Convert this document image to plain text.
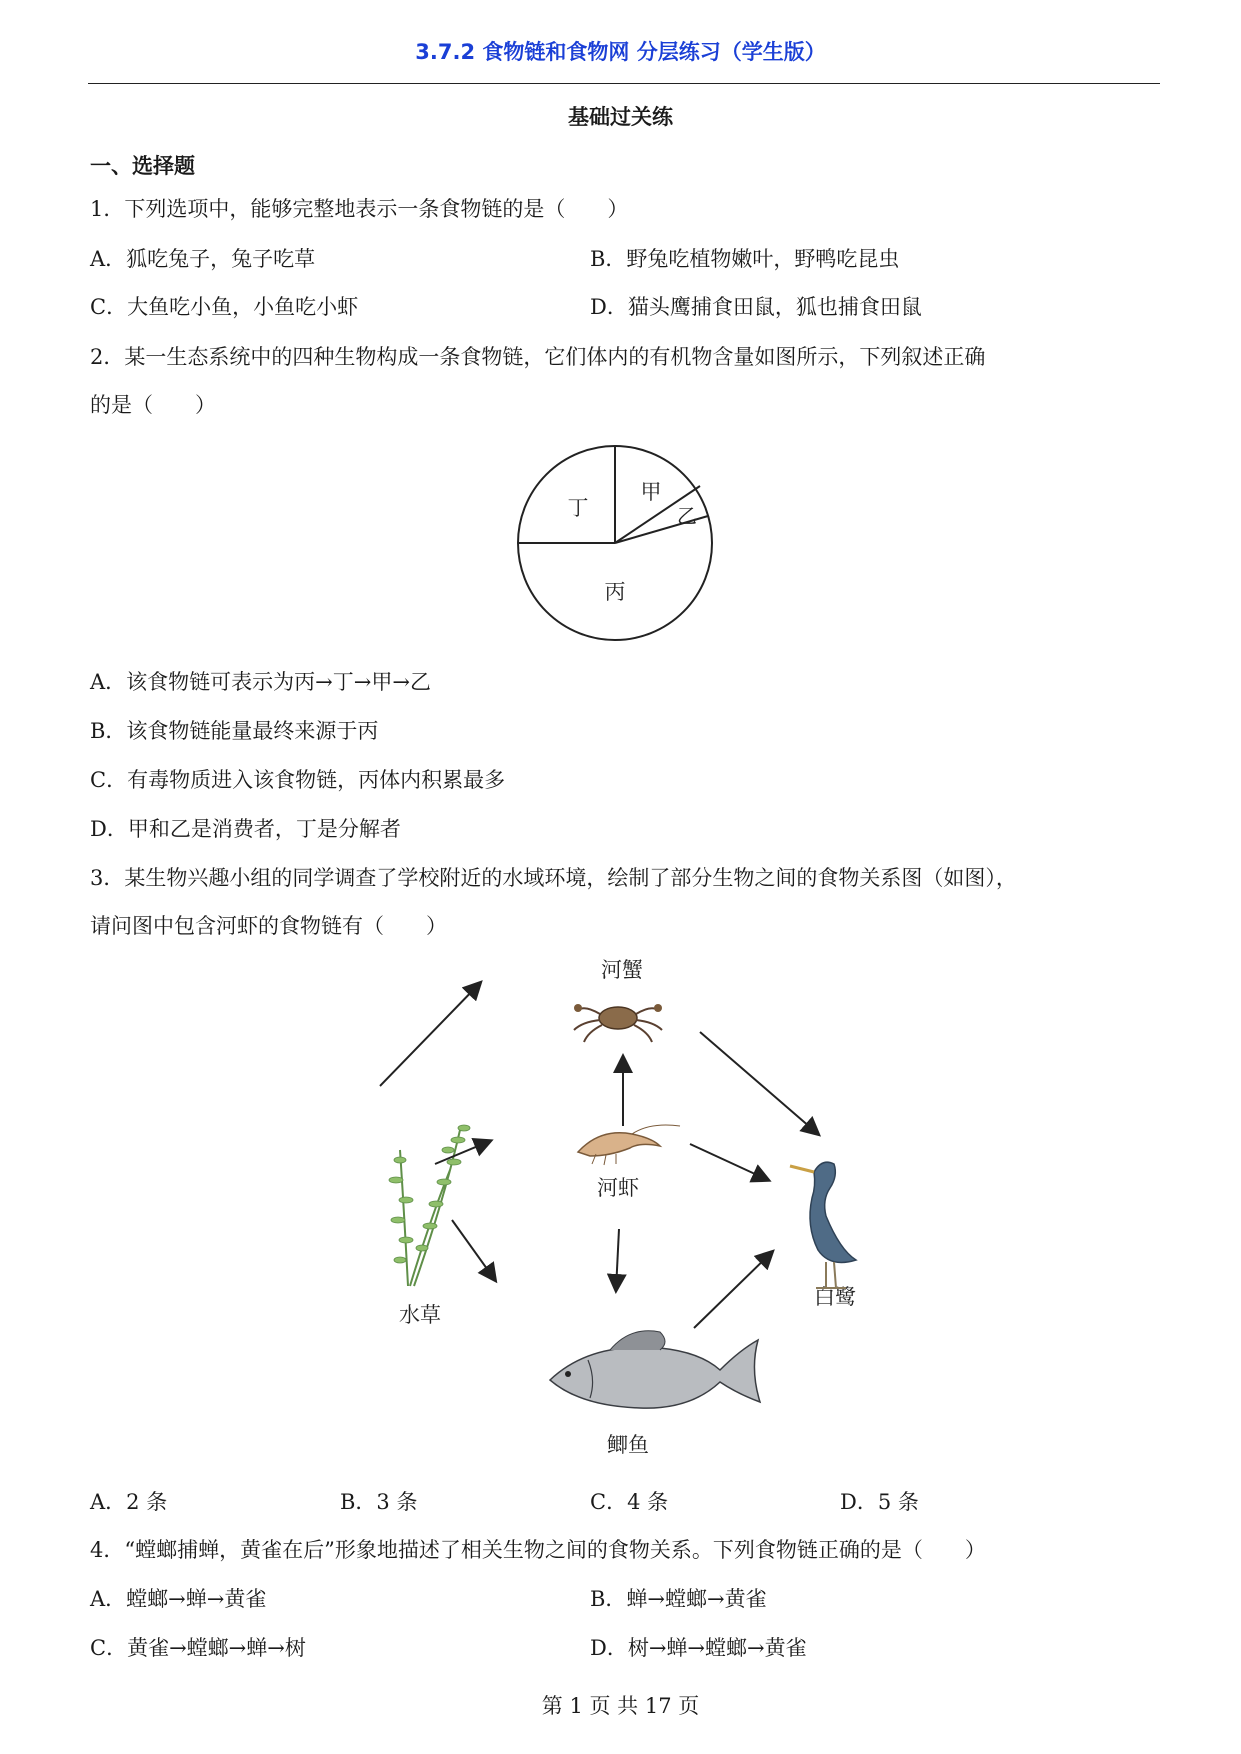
3.7.2 食物链和食物网 分层练习（学生版）
基础过关练
一、选择题
1．下列选项中，能够完整地表示一条食物链的是（　　）
A．狐吃兔子，兔子吃草	B．野兔吃植物嫩叶，野鸭吃昆虫
C．大鱼吃小鱼，小鱼吃小虾	D．猫头鹰捕食田鼠，狐也捕食田鼠
2．某一生态系统中的四种生物构成一条食物链，它们体内的有机物含量如图所示，下列叙述正确
的是（　　）
甲
乙
丙
丁
A．该食物链可表示为丙→丁→甲→乙
B．该食物链能量最终来源于丙
C．有毒物质进入该食物链，丙体内积累最多
D．甲和乙是消费者，丁是分解者
3．某生物兴趣小组的同学调查了学校附近的水域环境，绘制了部分生物之间的食物关系图（如图），
请问图中包含河虾的食物链有（　　）
河蟹
河虾
水草
白鹭
鲫鱼
A．2 条	B．3 条	C．4 条	D．5 条
4．“螳螂捕蝉，黄雀在后”形象地描述了相关生物之间的食物关系。下列食物链正确的是（　　）
A．螳螂→蝉→黄雀	B．蝉→螳螂→黄雀
C．黄雀→螳螂→蝉→树	D．树→蝉→螳螂→黄雀
第 1 页 共 17 页
